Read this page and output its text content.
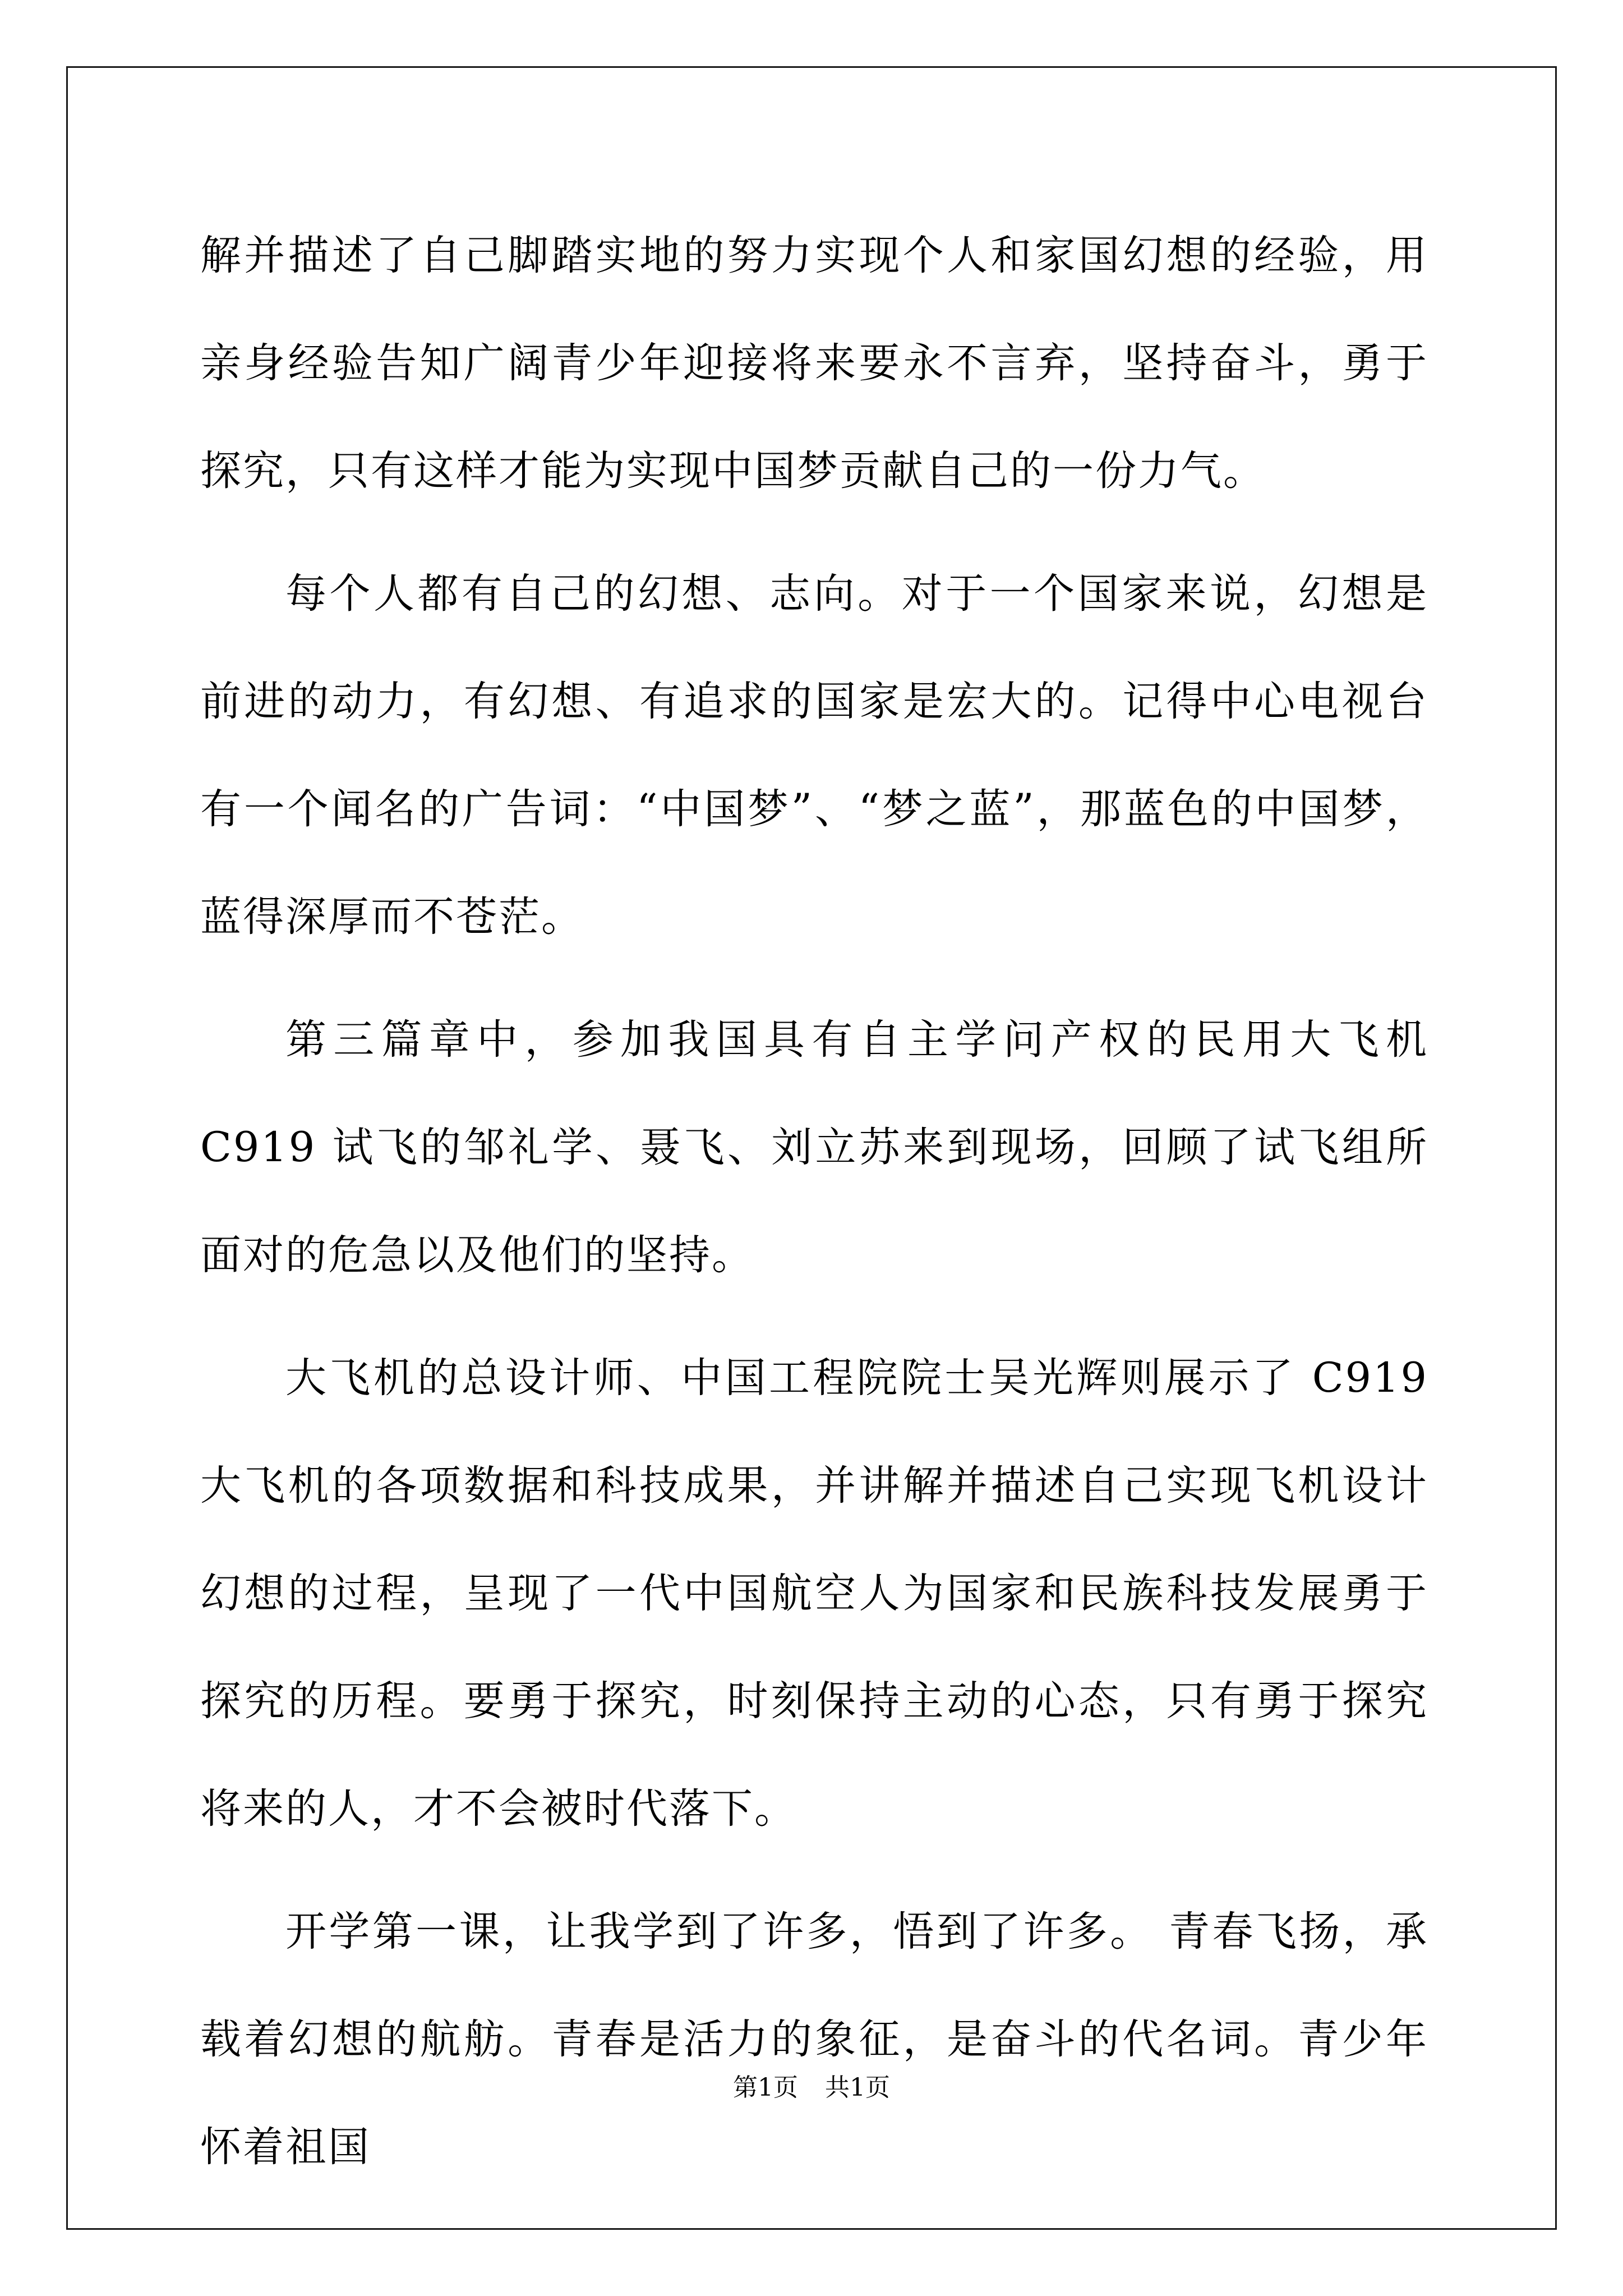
解并描述了自己脚踏实地的努力实现个人和家国幻想的经验，用亲身经验告知广阔青少年迎接将来要永不言弃，坚持奋斗，勇于探究，只有这样才能为实现中国梦贡献自己的一份力气。

每个人都有自己的幻想、志向。对于一个国家来说，幻想是前进的动力，有幻想、有追求的国家是宏大的。记得中心电视台有一个闻名的广告词：“中国梦”、“梦之蓝”，那蓝色的中国梦，蓝得深厚而不苍茫。

第三篇章中，参加我国具有自主学问产权的民用大飞机 C919 试飞的邹礼学、聂飞、刘立苏来到现场，回顾了试飞组所面对的危急以及他们的坚持。

大飞机的总设计师、中国工程院院士吴光辉则展示了 C919 大飞机的各项数据和科技成果，并讲解并描述自己实现飞机设计幻想的过程，呈现了一代中国航空人为国家和民族科技发展勇于探究的历程。要勇于探究，时刻保持主动的心态，只有勇于探究将来的人，才不会被时代落下。

开学第一课，让我学到了许多，悟到了许多。 青春飞扬，承载着幻想的航舫。青春是活力的象征，是奋斗的代名词。青少年怀着祖国

第1页 共1页
